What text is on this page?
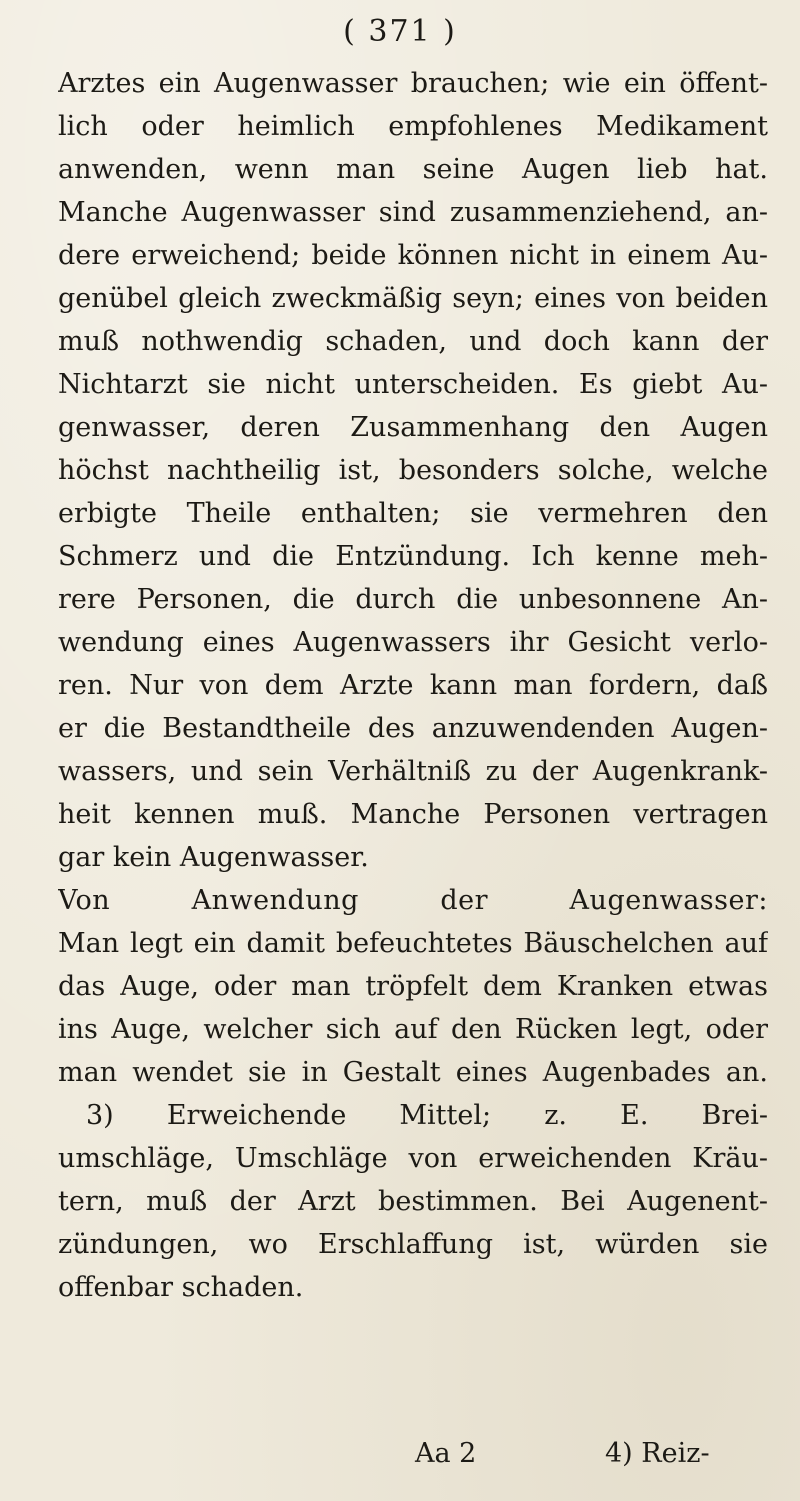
( 371 )
Arztes ein Augenwasser brauchen; wie ein öffent-
lich oder heimlich empfohlenes Medikament
anwenden, wenn man seine Augen lieb hat.
Manche Augenwasser sind zusammenziehend, an-
dere erweichend; beide können nicht in einem Au-
genübel gleich zweckmäßig seyn; eines von beiden
muß nothwendig schaden, und doch kann der
Nichtarzt sie nicht unterscheiden. Es giebt Au-
genwasser, deren Zusammenhang den Augen
höchst nachtheilig ist, besonders solche, welche
erbigte Theile enthalten; sie vermehren den
Schmerz und die Entzündung. Ich kenne meh-
rere Personen, die durch die unbesonnene An-
wendung eines Augenwassers ihr Gesicht verlo-
ren. Nur von dem Arzte kann man fordern, daß
er die Bestandtheile des anzuwendenden Augen-
wassers, und sein Verhältniß zu der Augenkrank-
heit kennen muß. Manche Personen vertragen
gar kein Augenwasser.
Von Anwendung der Augenwasser:
Man legt ein damit befeuchtetes Bäuschelchen auf
das Auge, oder man tröpfelt dem Kranken etwas
ins Auge, welcher sich auf den Rücken legt, oder
man wendet sie in Gestalt eines Augenbades an.
3) Erweichende Mittel; z. E. Brei-
umschläge, Umschläge von erweichenden Kräu-
tern, muß der Arzt bestimmen. Bei Augenent-
zündungen, wo Erschlaffung ist, würden sie
offenbar schaden.
Aa 2	4) Reiz-
